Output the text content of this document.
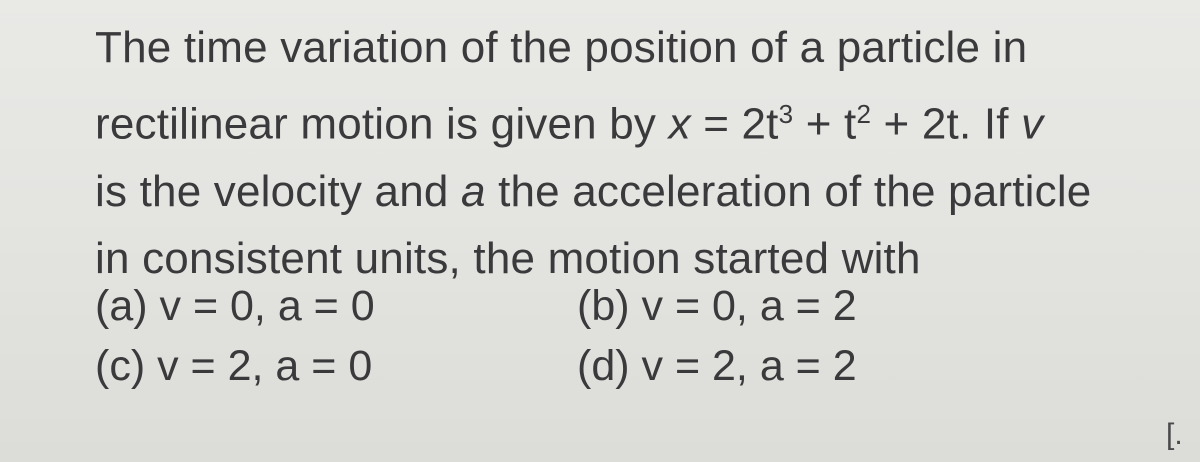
The time variation of the position of a particle in
rectilinear motion is given by $x = 2t^3 + t^2 + 2t$. If v
is the velocity and a the acceleration of the particle
in consistent units, the motion started with
(a) v = 0, a = 0	(b) v = 0, a = 2
(c) v = 2, a = 0	(d) v = 2, a = 2
[.
